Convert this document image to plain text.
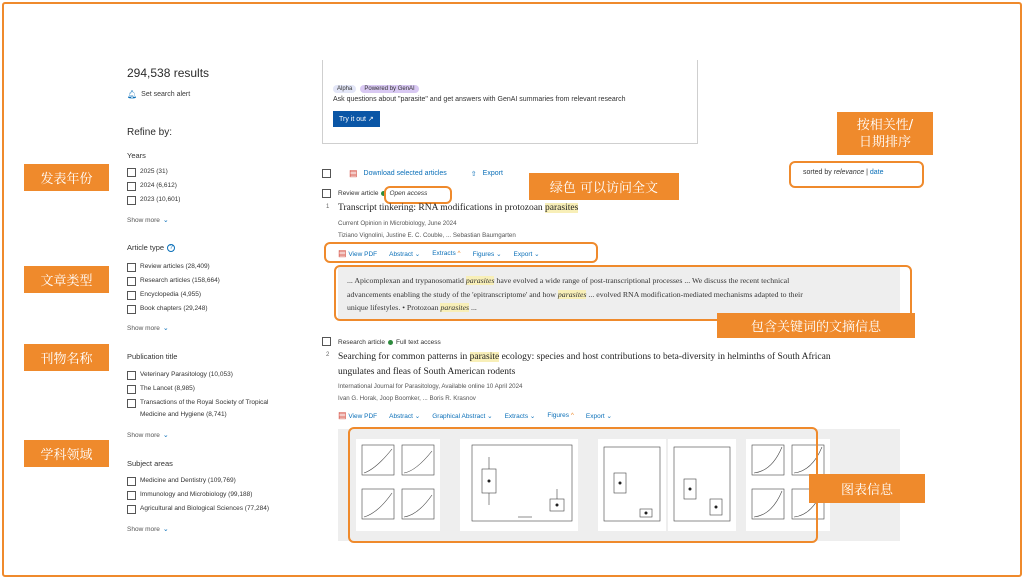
294,538 results
🔔︎ Set search alert
Refine by:
Years
2025 (31)
2024 (6,612)
2023 (10,601)
Show more ⌄
Article type ?
Review articles (28,409)
Research articles (158,664)
Encyclopedia (4,955)
Book chapters (29,248)
Show more ⌄
Publication title
Veterinary Parasitology (10,053)
The Lancet (8,985)
Transactions of the Royal Society of Tropical
Medicine and Hygiene (8,741)
Show more ⌄
Subject areas
Medicine and Dentistry (109,769)
Immunology and Microbiology (99,188)
Agricultural and Biological Sciences (77,284)
Show more ⌄
发表年份
文章类型
刊物名称
学科领域
Alpha Powered by GenAI
Ask questions about "parasite" and get answers with GenAI summaries from relevant research
Try it out ↗
▤ Download selected articles	⇧ Export	sorted by relevance | date
按相关性/
日期排序
Review article Open access	绿色 可以访问全文
1 Transcript tinkering: RNA modifications in protozoan parasites
Current Opinion in Microbiology, June 2024
Tiziano Vignolini, Justine E. C. Couble, ... Sebastian Baumgarten
▤ View PDF Abstract ⌄ Extracts ^ Figures ⌄ Export ⌄
... Apicomplexan and trypanosomatid parasites have evolved a wide range of post-transcriptional processes ... We discuss the recent technical
advancements enabling the study of the 'epitranscriptome' and how parasites ... evolved RNA modification-mediated mechanisms adapted to their
unique lifestyles. • Protozoan parasites ...
包含关键词的文摘信息
Research article Full text access
2 Searching for common patterns in parasite ecology: species and host contributions to beta-diversity in helminths of South African
ungulates and fleas of South American rodents
International Journal for Parasitology, Available online 10 April 2024
Ivan G. Horak, Joop Boomker, ... Boris R. Krasnov
▤ View PDF Abstract ⌄ Graphical Abstract ⌄ Extracts ⌄ Figures ^ Export ⌄
图表信息
